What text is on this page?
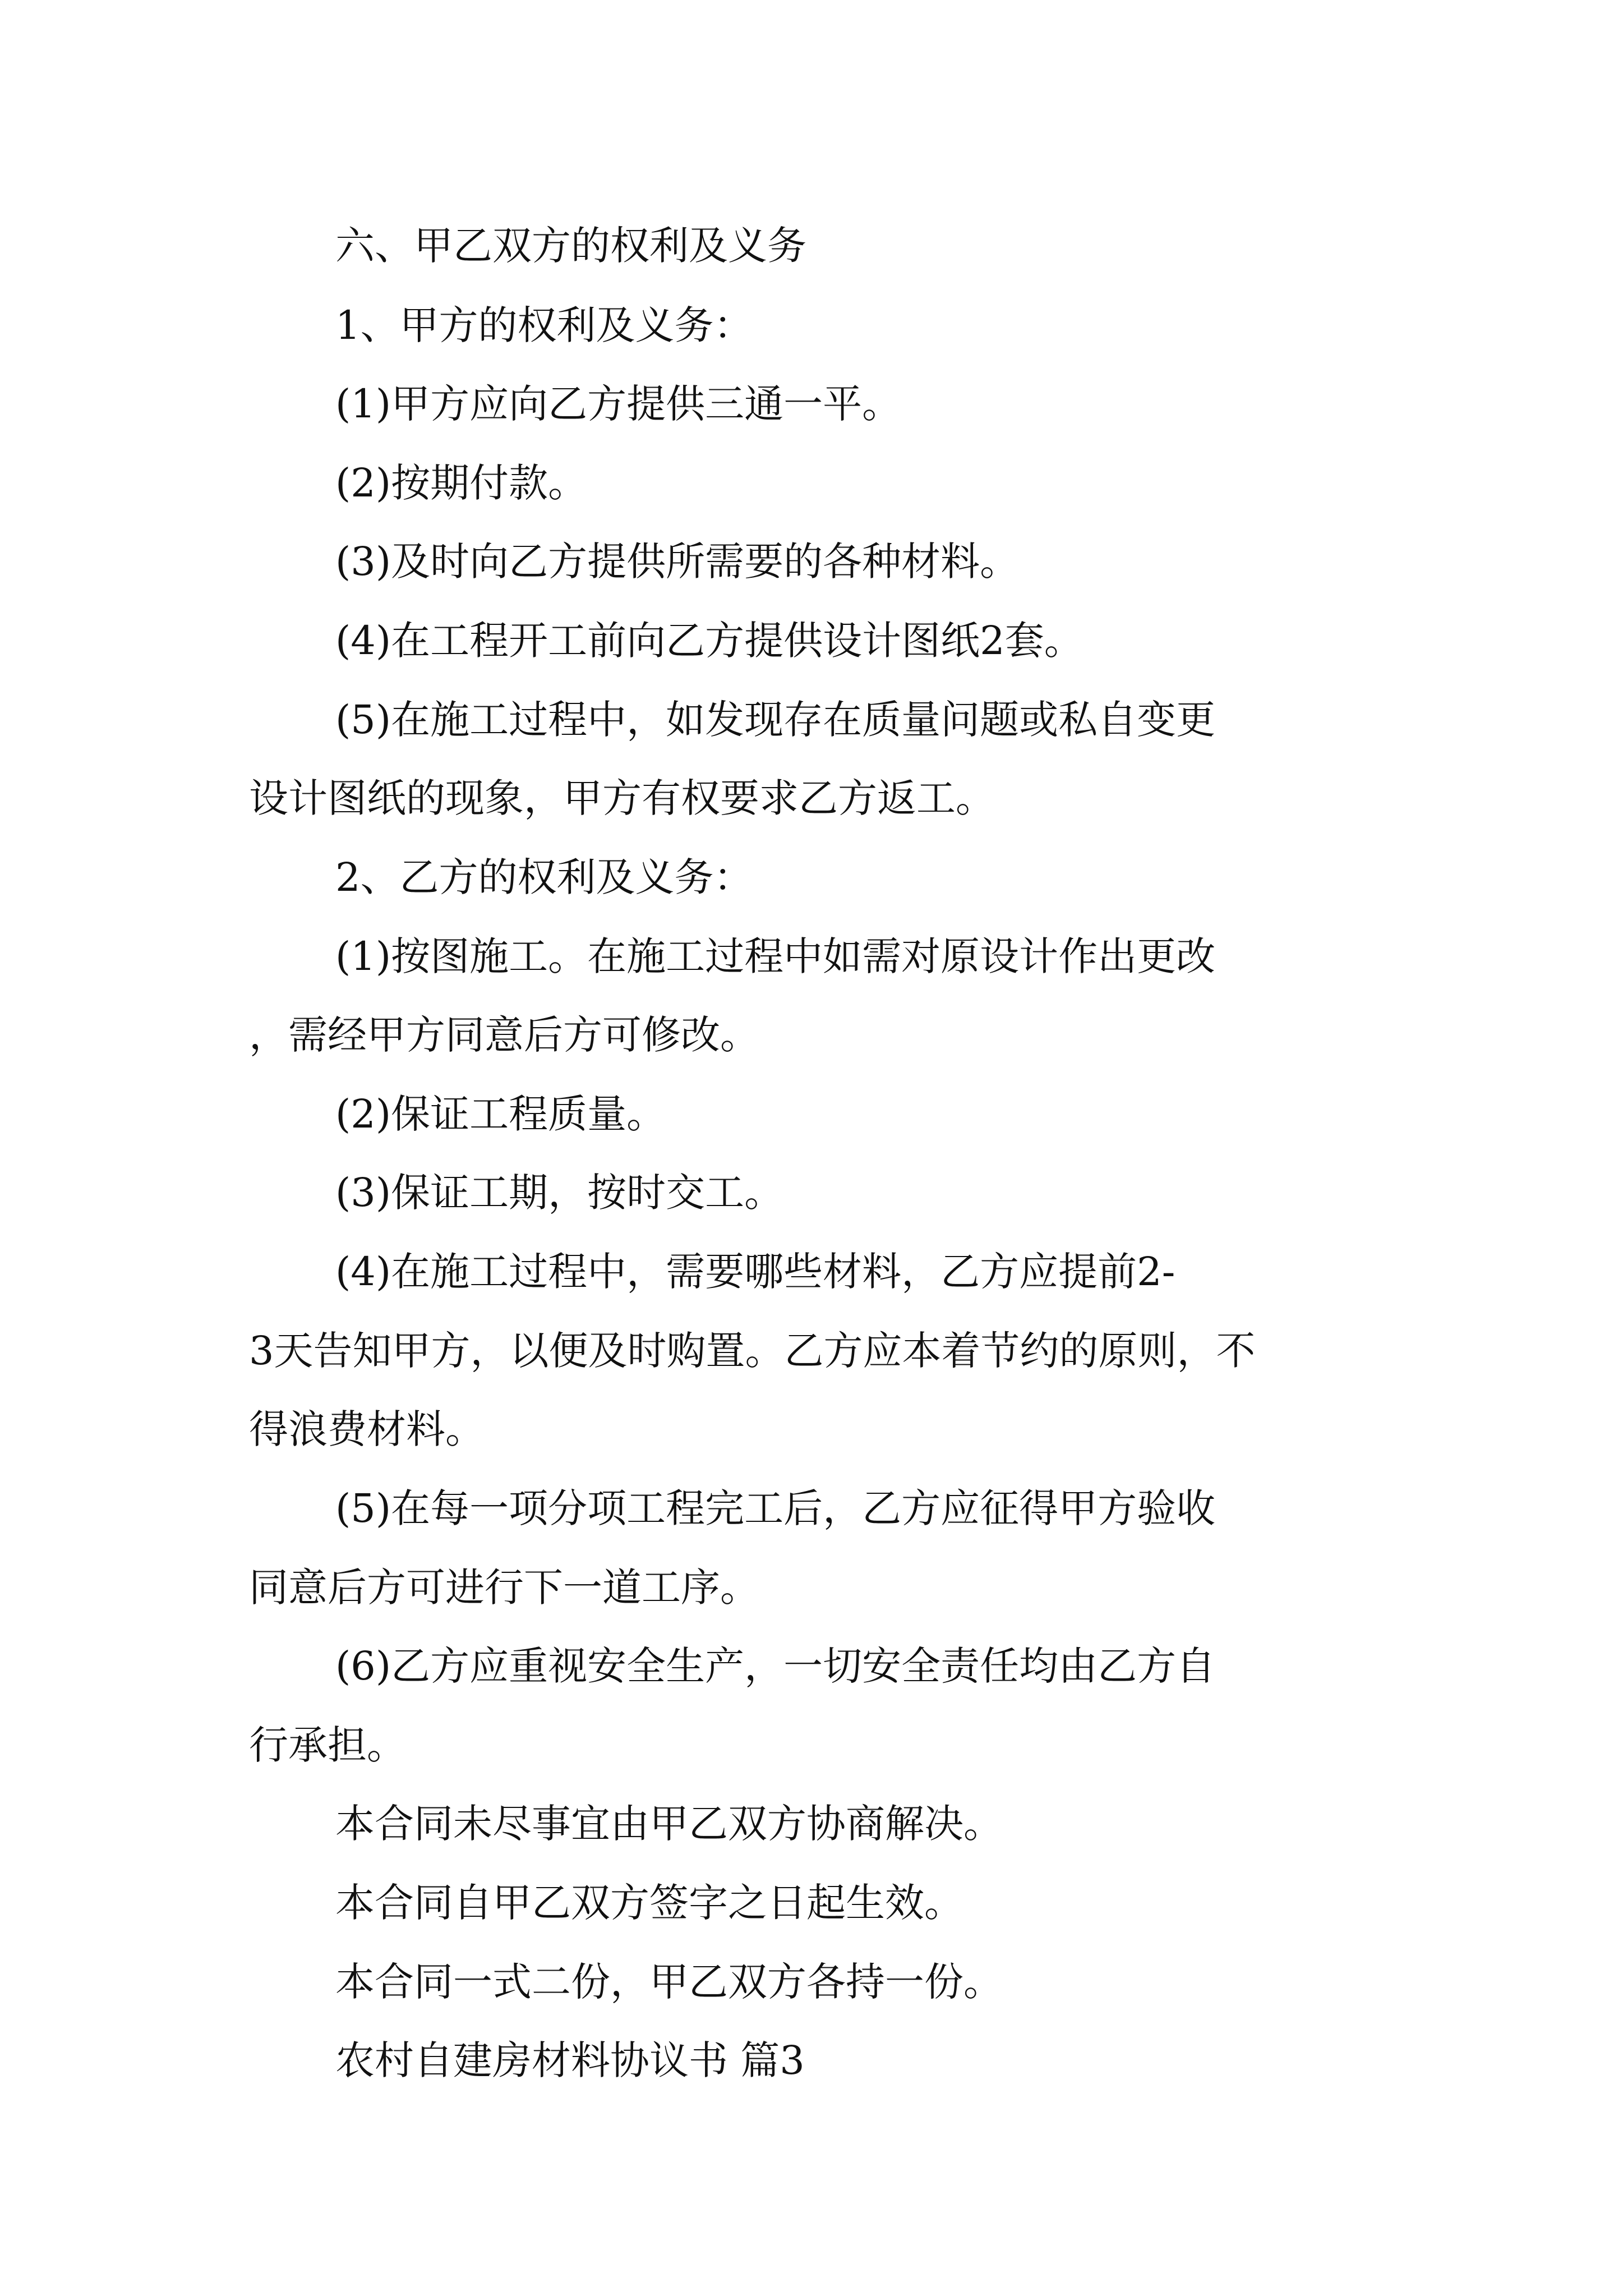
六、甲乙双方的权利及义务

1、甲方的权利及义务：

(1)甲方应向乙方提供三通一平。

(2)按期付款。

(3)及时向乙方提供所需要的各种材料。

(4)在工程开工前向乙方提供设计图纸2套。

(5)在施工过程中，如发现存在质量问题或私自变更

设计图纸的现象，甲方有权要求乙方返工。

2、乙方的权利及义务：

(1)按图施工。在施工过程中如需对原设计作出更改

，需经甲方同意后方可修改。

(2)保证工程质量。

(3)保证工期，按时交工。

(4)在施工过程中，需要哪些材料，乙方应提前2-

3天告知甲方，以便及时购置。乙方应本着节约的原则，不

得浪费材料。

(5)在每一项分项工程完工后，乙方应征得甲方验收

同意后方可进行下一道工序。

(6)乙方应重视安全生产，一切安全责任均由乙方自

行承担。

本合同未尽事宜由甲乙双方协商解决。

本合同自甲乙双方签字之日起生效。

本合同一式二份，甲乙双方各持一份。

农村自建房材料协议书 篇3
